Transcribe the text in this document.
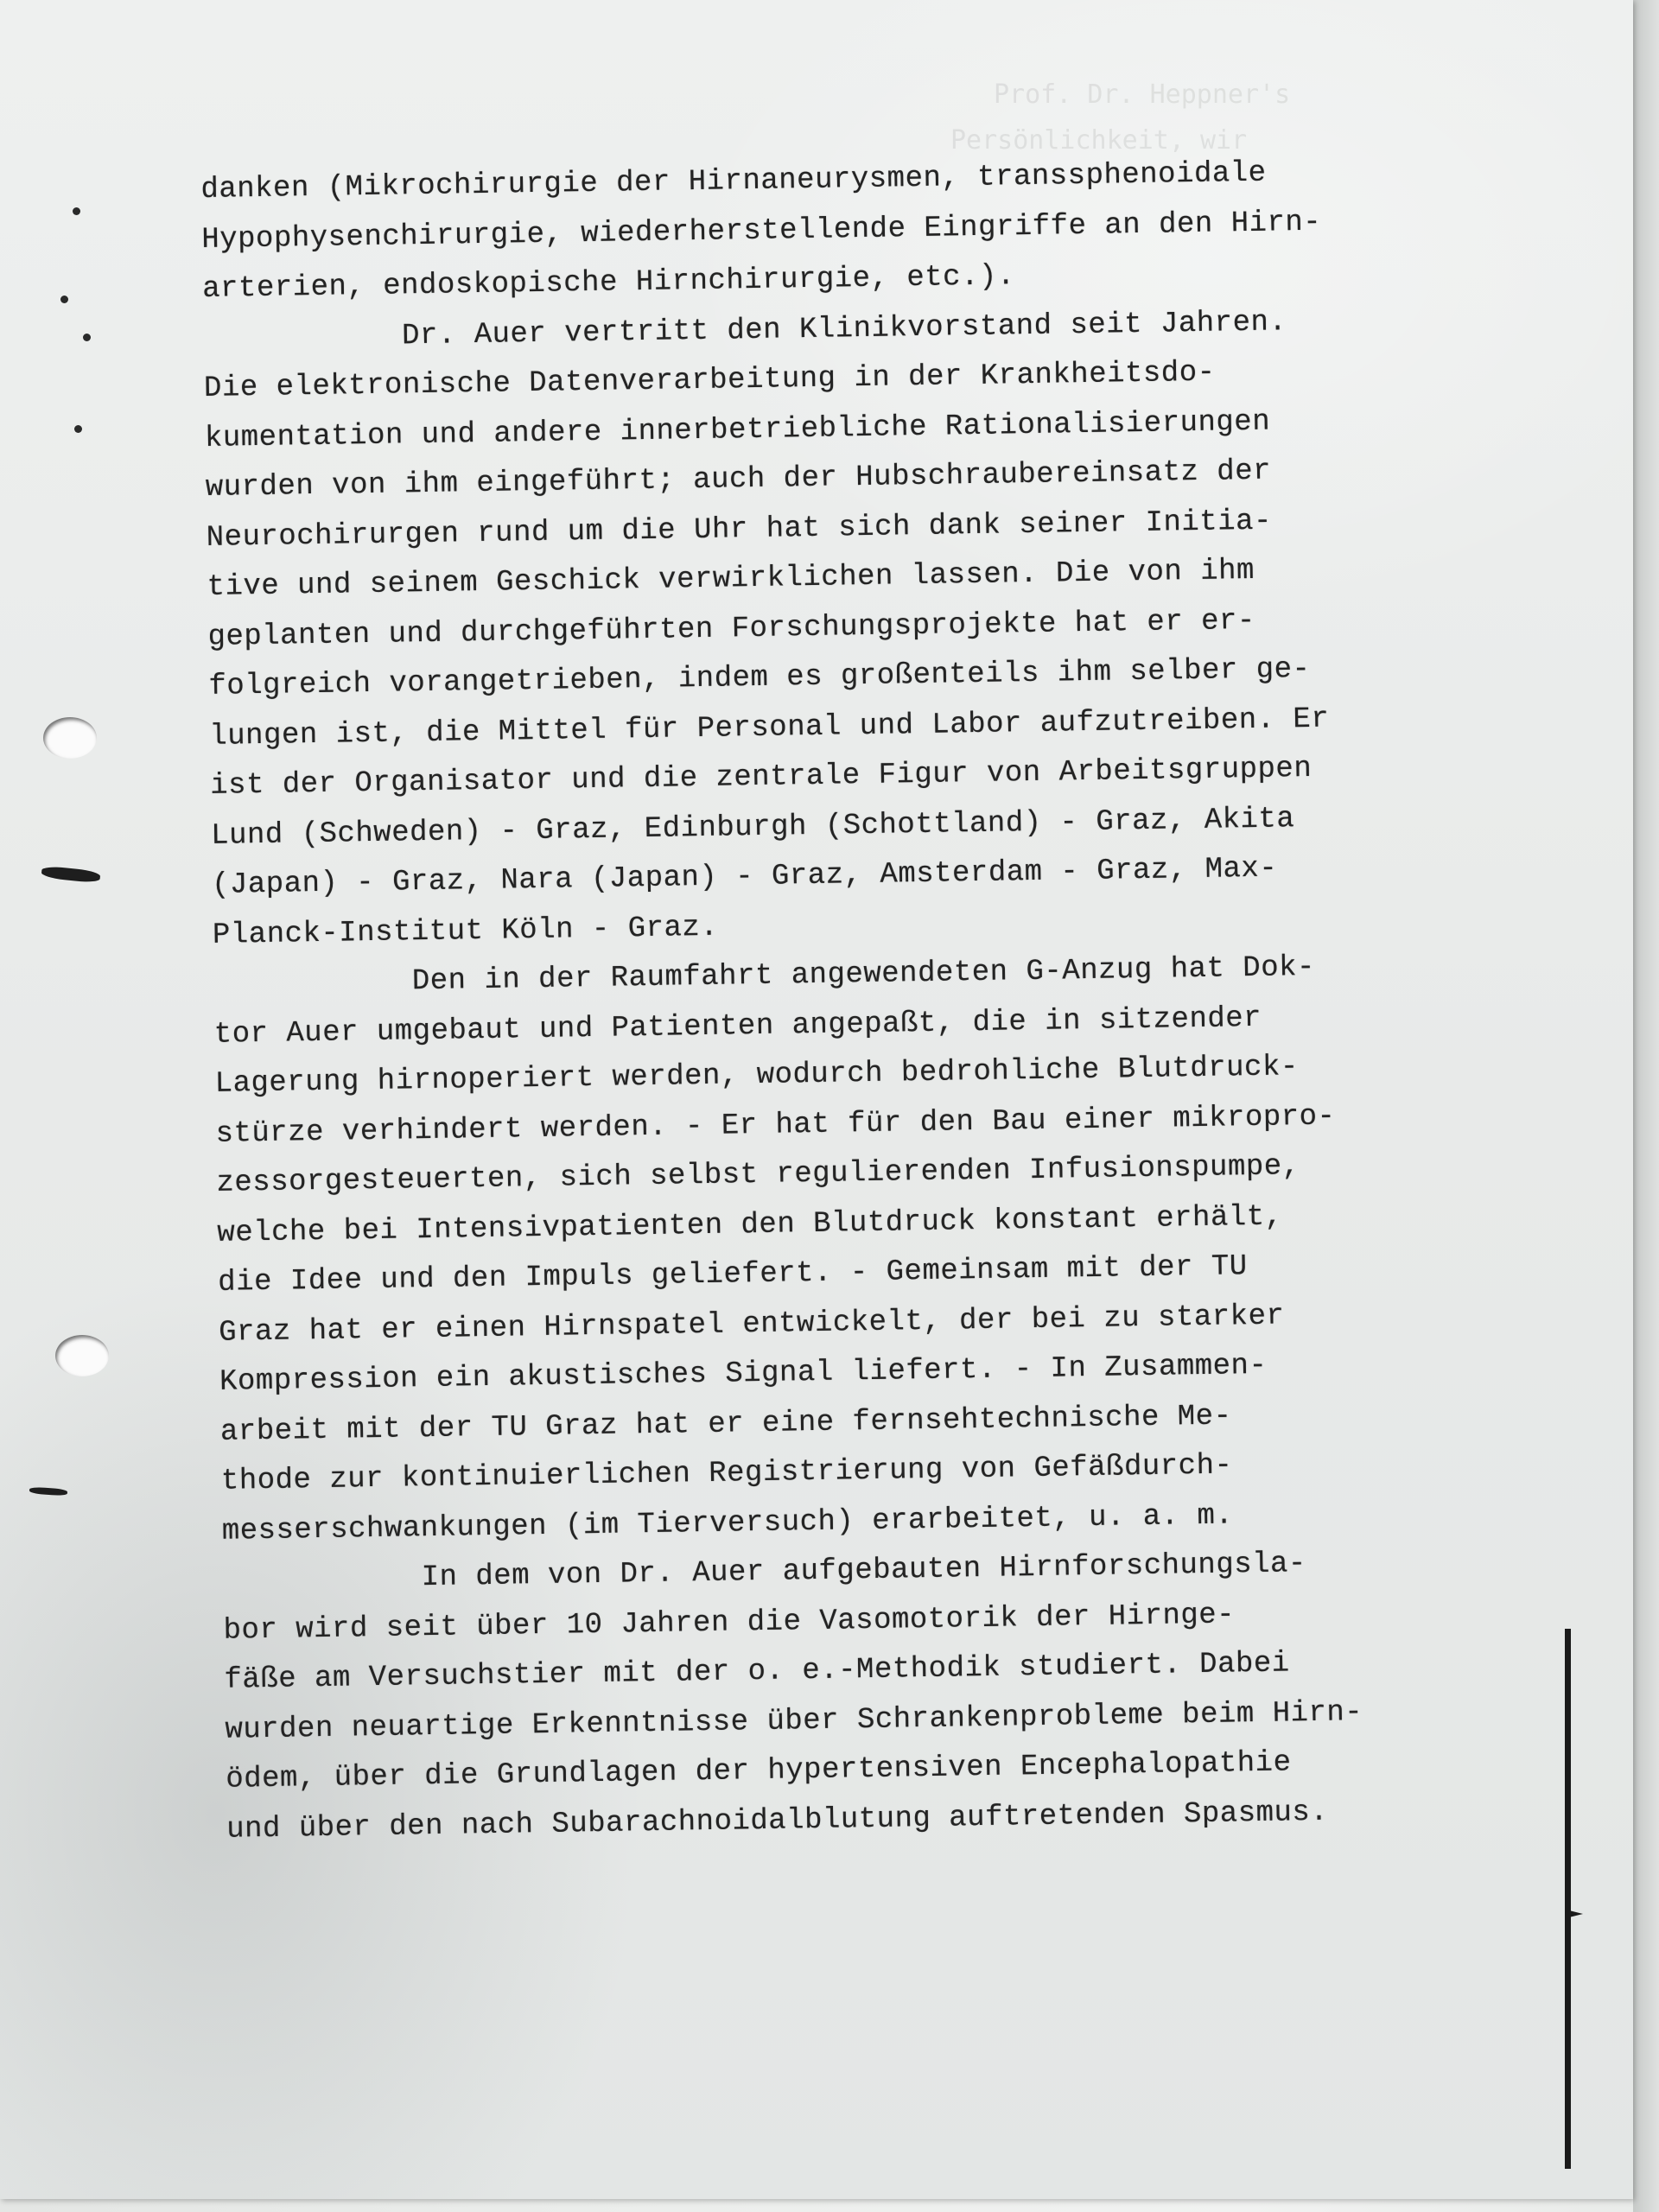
Prof. Dr. Heppner's
Persönlichkeit, wir
danken (Mikrochirurgie der Hirnaneurysmen, transsphenoidale
Hypophysenchirurgie, wiederherstellende Eingriffe an den Hirn-
arterien, endoskopische Hirnchirurgie, etc.).
Dr. Auer vertritt den Klinikvorstand seit Jahren.
Die elektronische Datenverarbeitung in der Krankheitsdo-
kumentation und andere innerbetriebliche Rationalisierungen
wurden von ihm eingeführt; auch der Hubschraubereinsatz der
Neurochirurgen rund um die Uhr hat sich dank seiner Initia-
tive und seinem Geschick verwirklichen lassen. Die von ihm
geplanten und durchgeführten Forschungsprojekte hat er er-
folgreich vorangetrieben, indem es großenteils ihm selber ge-
lungen ist, die Mittel für Personal und Labor aufzutreiben. Er
ist der Organisator und die zentrale Figur von Arbeitsgruppen
Lund (Schweden) - Graz, Edinburgh (Schottland) - Graz, Akita
(Japan) - Graz, Nara (Japan) - Graz, Amsterdam - Graz, Max-
Planck-Institut Köln - Graz.
Den in der Raumfahrt angewendeten G-Anzug hat Dok-
tor Auer umgebaut und Patienten angepaßt, die in sitzender
Lagerung hirnoperiert werden, wodurch bedrohliche Blutdruck-
stürze verhindert werden. - Er hat für den Bau einer mikropro-
zessorgesteuerten, sich selbst regulierenden Infusionspumpe,
welche bei Intensivpatienten den Blutdruck konstant erhält,
die Idee und den Impuls geliefert. - Gemeinsam mit der TU
Graz hat er einen Hirnspatel entwickelt, der bei zu starker
Kompression ein akustisches Signal liefert. - In Zusammen-
arbeit mit der TU Graz hat er eine fernsehtechnische Me-
thode zur kontinuierlichen Registrierung von Gefäßdurch-
messerschwankungen (im Tierversuch) erarbeitet, u. a. m.
In dem von Dr. Auer aufgebauten Hirnforschungsla-
bor wird seit über 10 Jahren die Vasomotorik der Hirnge-
fäße am Versuchstier mit der o. e.-Methodik studiert. Dabei
wurden neuartige Erkenntnisse über Schrankenprobleme beim Hirn-
ödem, über die Grundlagen der hypertensiven Encephalopathie
und über den nach Subarachnoidalblutung auftretenden Spasmus.
